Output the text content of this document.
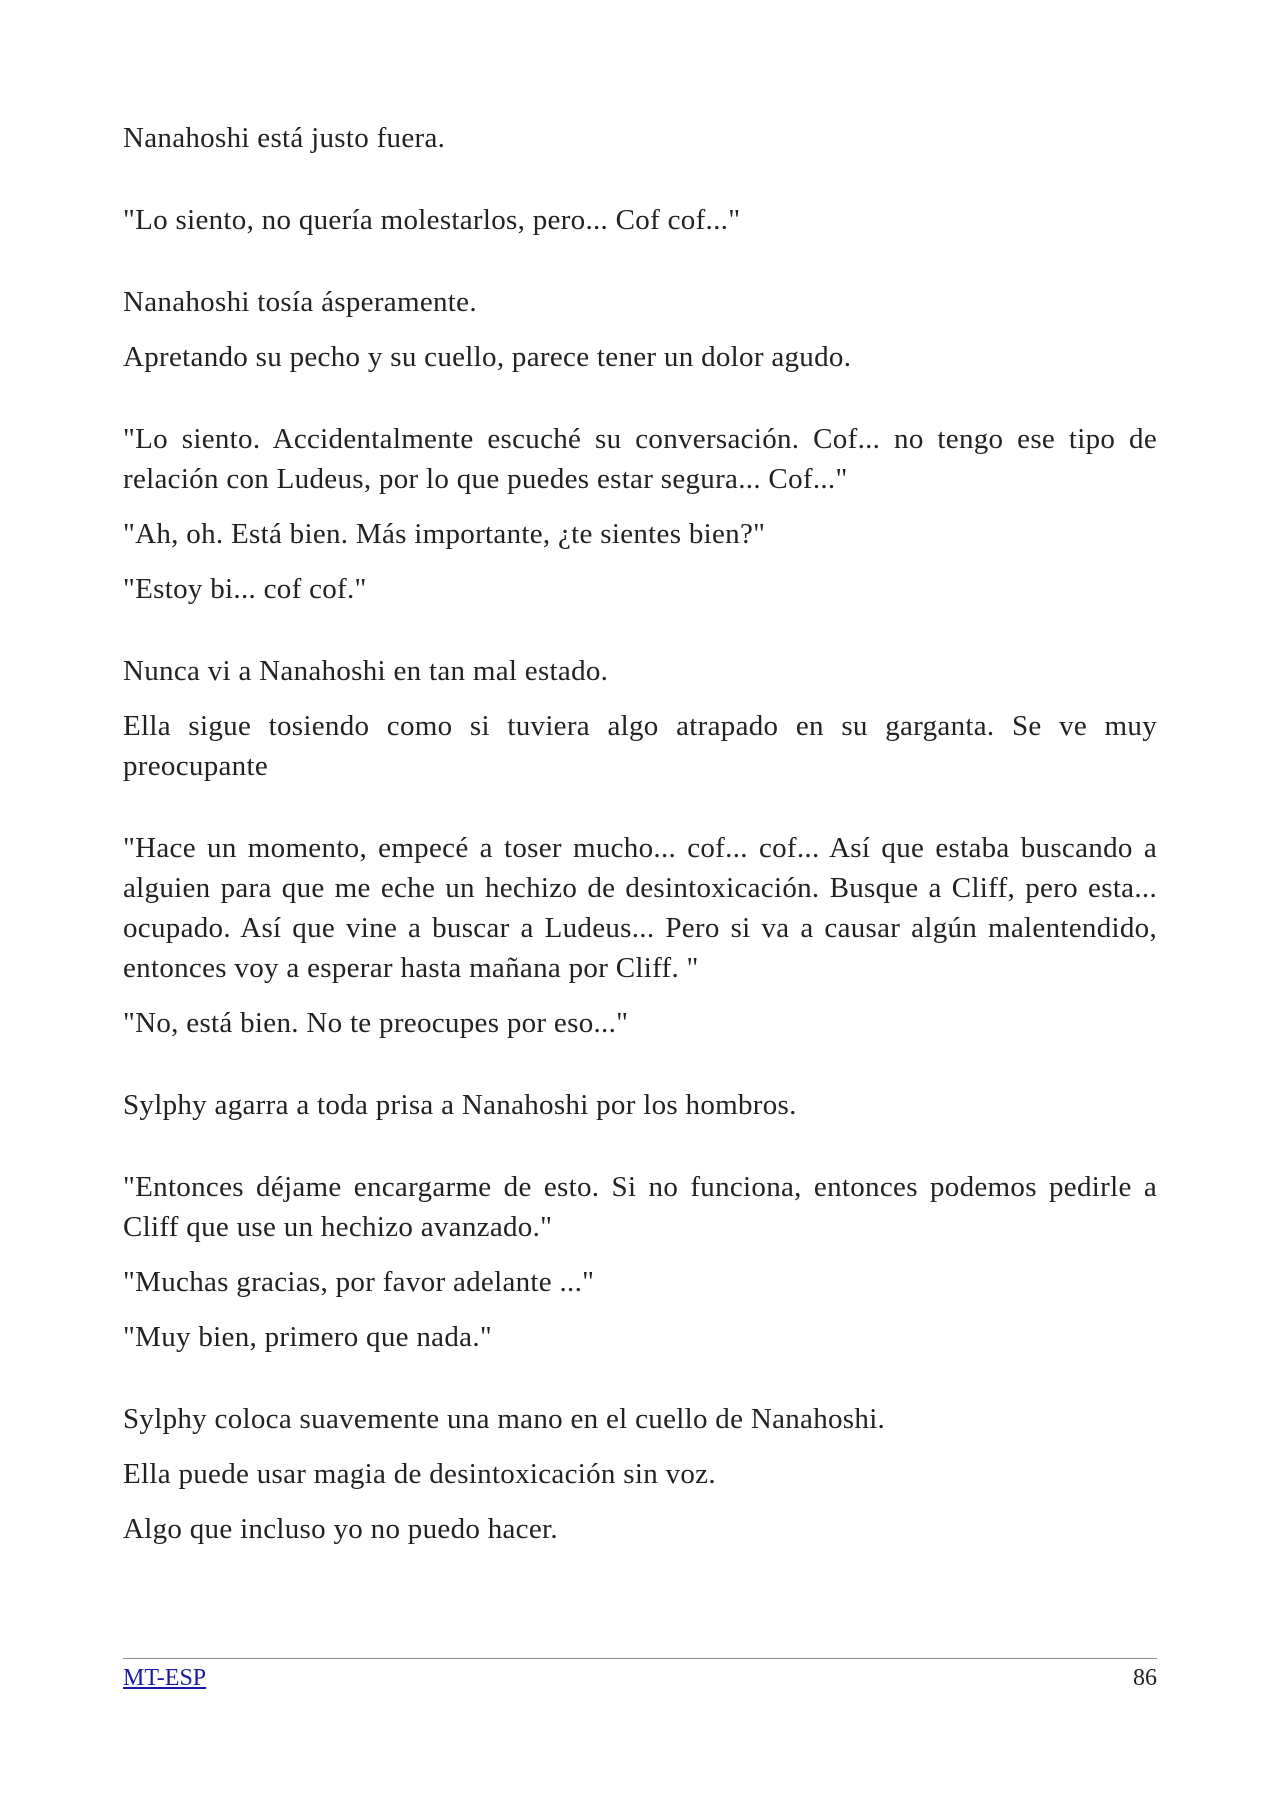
Nanahoshi está justo fuera.

"Lo siento, no quería molestarlos, pero... Cof cof..."

Nanahoshi tosía ásperamente.

Apretando su pecho y su cuello, parece tener un dolor agudo.

"Lo siento. Accidentalmente escuché su conversación. Cof... no tengo ese tipo de relación con Ludeus, por lo que puedes estar segura... Cof..."

"Ah, oh. Está bien. Más importante, ¿te sientes bien?"

"Estoy bi... cof cof."

Nunca vi a Nanahoshi en tan mal estado.

Ella sigue tosiendo como si tuviera algo atrapado en su garganta. Se ve muy preocupante

"Hace un momento, empecé a toser mucho... cof... cof... Así que estaba buscando a alguien para que me eche un hechizo de desintoxicación. Busque a Cliff, pero esta... ocupado. Así que vine a buscar a Ludeus... Pero si va a causar algún malentendido, entonces voy a esperar hasta mañana por Cliff. "

"No, está bien. No te preocupes por eso..."

Sylphy agarra a toda prisa a Nanahoshi por los hombros.

"Entonces déjame encargarme de esto. Si no funciona, entonces podemos pedirle a Cliff que use un hechizo avanzado."

"Muchas gracias, por favor adelante ..."

"Muy bien, primero que nada."

Sylphy coloca suavemente una mano en el cuello de Nanahoshi.

Ella puede usar magia de desintoxicación sin voz.

Algo que incluso yo no puedo hacer.

MT-ESP	86
